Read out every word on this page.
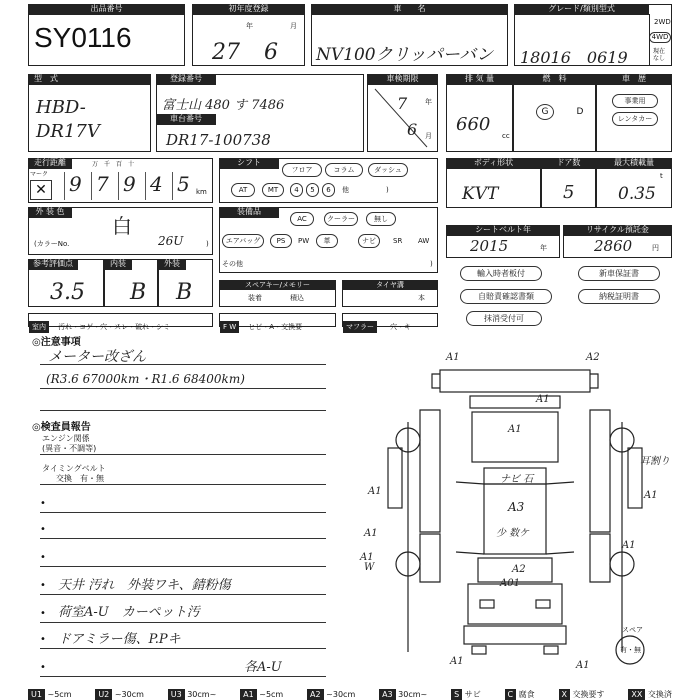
出品番号
SY0116
初年度登録
年	月
27 6
車　　名
NV100クリッパーバン
グレード/類別型式
2WD
4WD
現在なし
18016　0619
型　式
HBD-DR17V
登録番号
富士山 480 す 7486
車台番号
DR17-100738
車検期限
年
月
7
6
排 気 量
660
cc
燃　料
G	D
車　歴
事業用
レンタカー
走行距離	万　千　百　十
マーク
✕ 9 7 9 4 5 km
シフト
フロア	コラム	ダッシュ
AT	MT	4	5	6	他	)
ボディ形状
KVT
ドア数
5
最大積載量
t
0.35
外 装 色
白
(カラーNo.	26U	)
装備品
AC	クーラー	無し
エアバッグ	PS	PW	革	ナビ	SR AW
その他	)
シートベルト年
2015	年
リサイクル預託金
2860	円
参考評価点
3.5
内装
B
外装
B	スペアキー/メモリー
装着	積込
タイヤ溝
本
輸入時者板付	新車保証書
自賠責確認書類	納税証明書
抹消受付可
室内 汚れ・コゲ・穴・スレ・破れ・シミ	F W ヒビ・A・交換要	マフラー 穴・キ
◎注意事項
メーター改ざん
(R3.6 67000km・R1.6 68400km)
◎検査員報告
エンジン関係
(異音・不調等)
タイミングベルト
交換　有・無
•
•
•
• 天井 汚れ　外装ワキ、錆粉傷
• 荷室A-U　カーペット汚
• ドアミラー傷、P.Pキ
•	各A-U
A1	A2
A1
A3
ナビ 石
少 数ケ
A1
A1	A1
A1
A1
W
A01
A2
A1
A1	A1
耳割り
スペア
有・無
U1 ~5cm	U2 ~30cm	U3 30cm~	A1 ~5cm	A2 ~30cm	A3 30cm~	S サビ	C 腐食	X 交換要す	XX 交換済
